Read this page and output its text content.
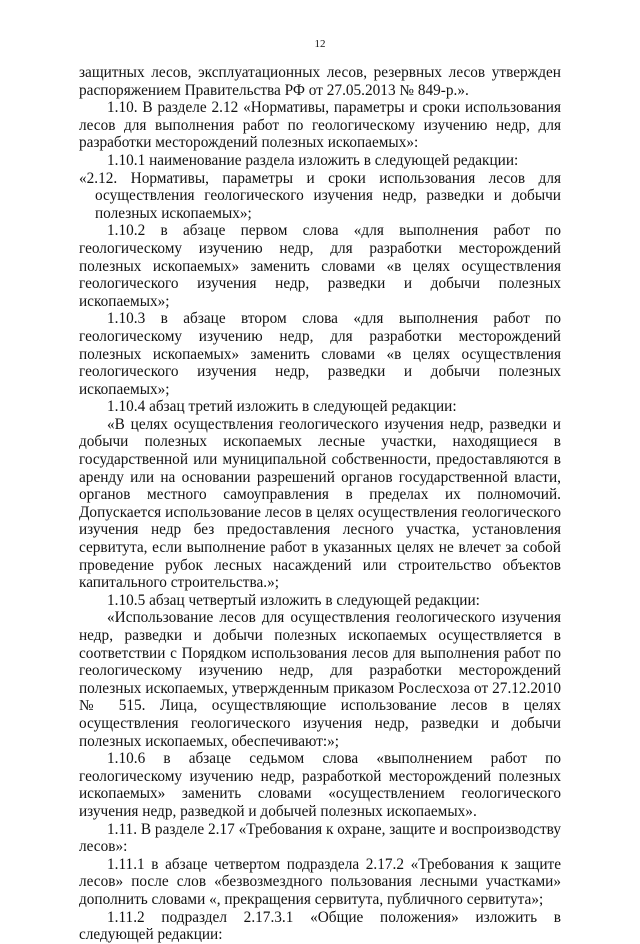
12

защитных лесов, эксплуатационных лесов, резервных лесов утвержден распоряжением Правительства РФ от 27.05.2013 № 849-р.».

1.10. В разделе 2.12 «Нормативы, параметры и сроки использования лесов для выполнения работ по геологическому изучению недр, для разработки месторождений полезных ископаемых»:

1.10.1 наименование раздела изложить в следующей редакции:

«2.12. Нормативы, параметры и сроки использования лесов для осуществления геологического изучения недр, разведки и добычи полезных ископаемых»;

1.10.2 в абзаце первом слова «для выполнения работ по геологическому изучению недр, для разработки месторождений полезных ископаемых» заменить словами «в целях осуществления геологического изучения недр, разведки и добычи полезных ископаемых»;

1.10.3 в абзаце втором слова «для выполнения работ по геологическому изучению недр, для разработки месторождений полезных ископаемых» заменить словами «в целях осуществления геологического изучения недр, разведки и добычи полезных ископаемых»;

1.10.4 абзац третий изложить в следующей редакции:

«В целях осуществления геологического изучения недр, разведки и добычи полезных ископаемых лесные участки, находящиеся в государственной или муниципальной собственности, предоставляются в аренду или на основании разрешений органов государственной власти, органов местного самоуправления в пределах их полномочий. Допускается использование лесов в целях осуществления геологического изучения недр без предоставления лесного участка, установления сервитута, если выполнение работ в указанных целях не влечет за собой проведение рубок лесных насаждений или строительство объектов капитального строительства.»;

1.10.5 абзац четвертый изложить в следующей редакции:

«Использование лесов для осуществления геологического изучения недр, разведки и добычи полезных ископаемых осуществляется в соответствии с Порядком использования лесов для выполнения работ по геологическому изучению недр, для разработки месторождений полезных ископаемых, утвержденным приказом Рослесхоза от 27.12.2010 № 515. Лица, осуществляющие использование лесов в целях осуществления геологического изучения недр, разведки и добычи полезных ископаемых, обеспечивают:»;

1.10.6 в абзаце седьмом слова «выполнением работ по геологическому изучению недр, разработкой месторождений полезных ископаемых» заменить словами «осуществлением геологического изучения недр, разведкой и добычей полезных ископаемых».

1.11. В разделе 2.17 «Требования к охране, защите и воспроизводству лесов»:

1.11.1 в абзаце четвертом подраздела 2.17.2 «Требования к защите лесов» после слов «безвозмездного пользования лесными участками» дополнить словами «, прекращения сервитута, публичного сервитута»;

1.11.2 подраздел 2.17.3.1 «Общие положения» изложить в следующей редакции:
